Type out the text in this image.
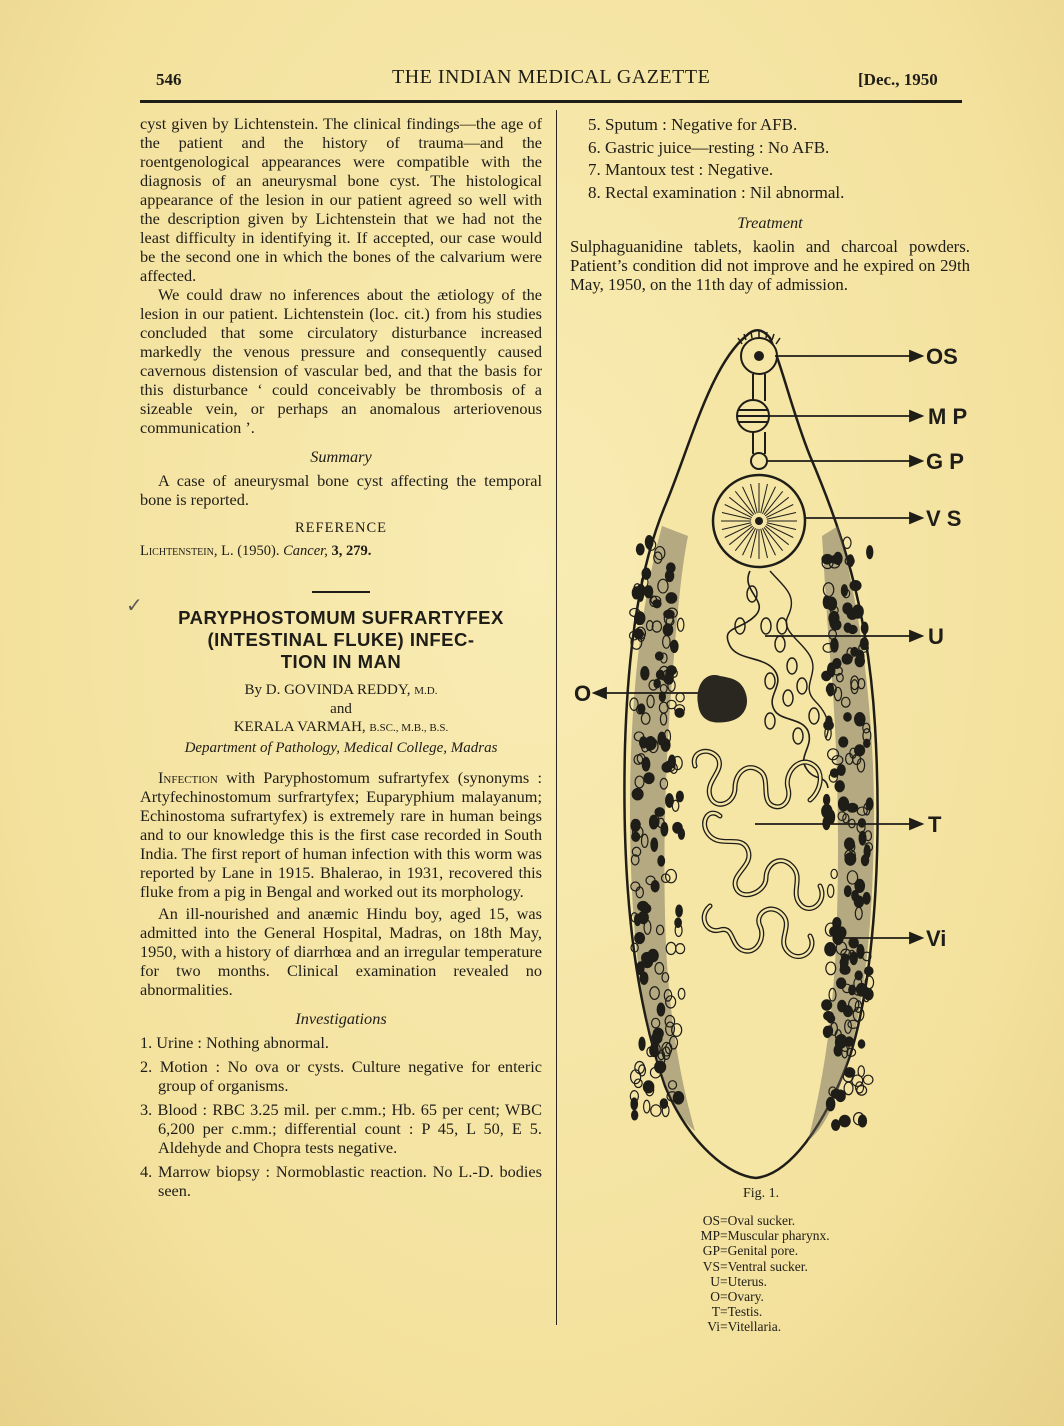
546	THE INDIAN MEDICAL GAZETTE	[Dec., 1950

cyst given by Lichtenstein. The clinical findings—the age of the patient and the history of trauma—and the roentgenological appearances were compatible with the diagnosis of an aneurysmal bone cyst. The histological appearance of the lesion in our patient agreed so well with the description given by Lichtenstein that we had not the least difficulty in identifying it. If accepted, our case would be the second one in which the bones of the calvarium were affected.

We could draw no inferences about the ætiology of the lesion in our patient. Lichtenstein (loc. cit.) from his studies concluded that some circulatory disturbance increased markedly the venous pressure and consequently caused cavernous distension of vascular bed, and that the basis for this disturbance ‘ could conceivably be thrombosis of a sizeable vein, or perhaps an anomalous arteriovenous communication ’.

Summary

A case of aneurysmal bone cyst affecting the temporal bone is reported.

REFERENCE
Lichtenstein, L. (1950). Cancer, 3, 279.
✓
PARYPHOSTOMUM SUFRARTYFEX
(INTESTINAL FLUKE) INFEC-
TION IN MAN
By D. GOVINDA REDDY, M.D.
and
KERALA VARMAH, B.SC., M.B., B.S.
Department of Pathology, Medical College, Madras

Infection with Paryphostomum sufrartyfex (synonyms : Artyfechinostomum surfrartyfex; Euparyphium malayanum; Echinostoma sufrartyfex) is extremely rare in human beings and to our knowledge this is the first case recorded in South India. The first report of human infection with this worm was reported by Lane in 1915. Bhalerao, in 1931, recovered this fluke from a pig in Bengal and worked out its morphology.

An ill-nourished and anæmic Hindu boy, aged 15, was admitted into the General Hospital, Madras, on 18th May, 1950, with a history of diarrhœa and an irregular temperature for two months. Clinical examination revealed no abnormalities.

Investigations

1. Urine : Nothing abnormal.

2. Motion : No ova or cysts. Culture negative for enteric group of organisms.

3. Blood : RBC 3.25 mil. per c.mm.; Hb. 65 per cent; WBC 6,200 per c.mm.; differential count : P 45, L 50, E 5. Aldehyde and Chopra tests negative.

4. Marrow biopsy : Normoblastic reaction. No L.-D. bodies seen.

5. Sputum : Negative for AFB.
6. Gastric juice—resting : No AFB.
7. Mantoux test : Negative.
8. Rectal examination : Nil abnormal.
Treatment

Sulphaguanidine tablets, kaolin and charcoal powders. Patient’s condition did not improve and he expired on 29th May, 1950, on the 11th day of admission.

OS
M P
G P
V S
U
O
T
Vi
Fig. 1.
OS=Oval sucker.
MP=Muscular pharynx.
GP=Genital pore.
VS=Ventral sucker.
U=Uterus.
O=Ovary.
T=Testis.
Vi=Vitellaria.
